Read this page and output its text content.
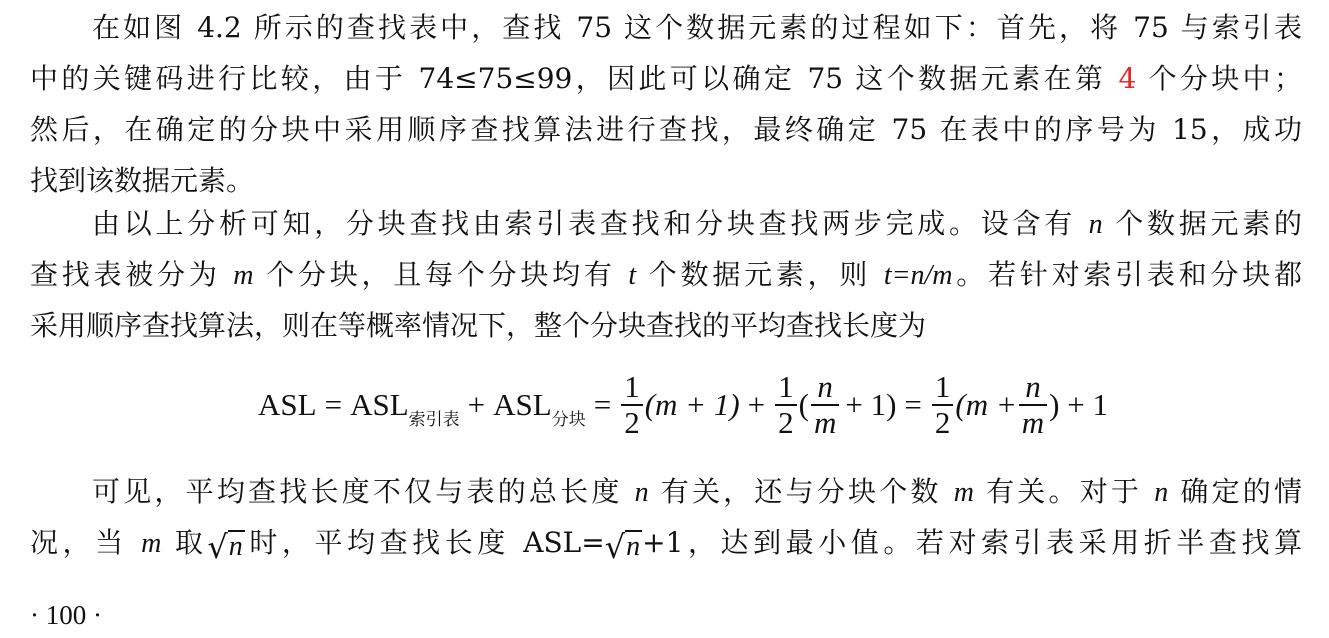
在如图 4.2 所示的查找表中，查找 75 这个数据元素的过程如下：首先，将 75 与索引表
中的关键码进行比较，由于 74≤75≤99，因此可以确定 75 这个数据元素在第 4 个分块中；
然后，在确定的分块中采用顺序查找算法进行查找，最终确定 75 在表中的序号为 15，成功
找到该数据元素。
由以上分析可知，分块查找由索引表查找和分块查找两步完成。设含有 n 个数据元素的
查找表被分为 m 个分块，且每个分块均有 t 个数据元素，则 t=n/m。若针对索引表和分块都
采用顺序查找算法，则在等概率情况下，整个分块查找的平均查找长度为
ASL = ASL 索引表 + ASL 分块 = $\frac{1}{2} (m + 1) + \frac{1}{2}$ ( $\frac{n}{m} + 1) = \frac{1}{2} (m + \frac{n}{m}$ ) + 1
可见，平均查找长度不仅与表的总长度 n 有关，还与分块个数 m 有关。对于 n 确定的情
况，当 m 取 √ n 时，平均查找长度 ASL= √ n +1，达到最小值。若对索引表采用折半查找算
· 100 ·
